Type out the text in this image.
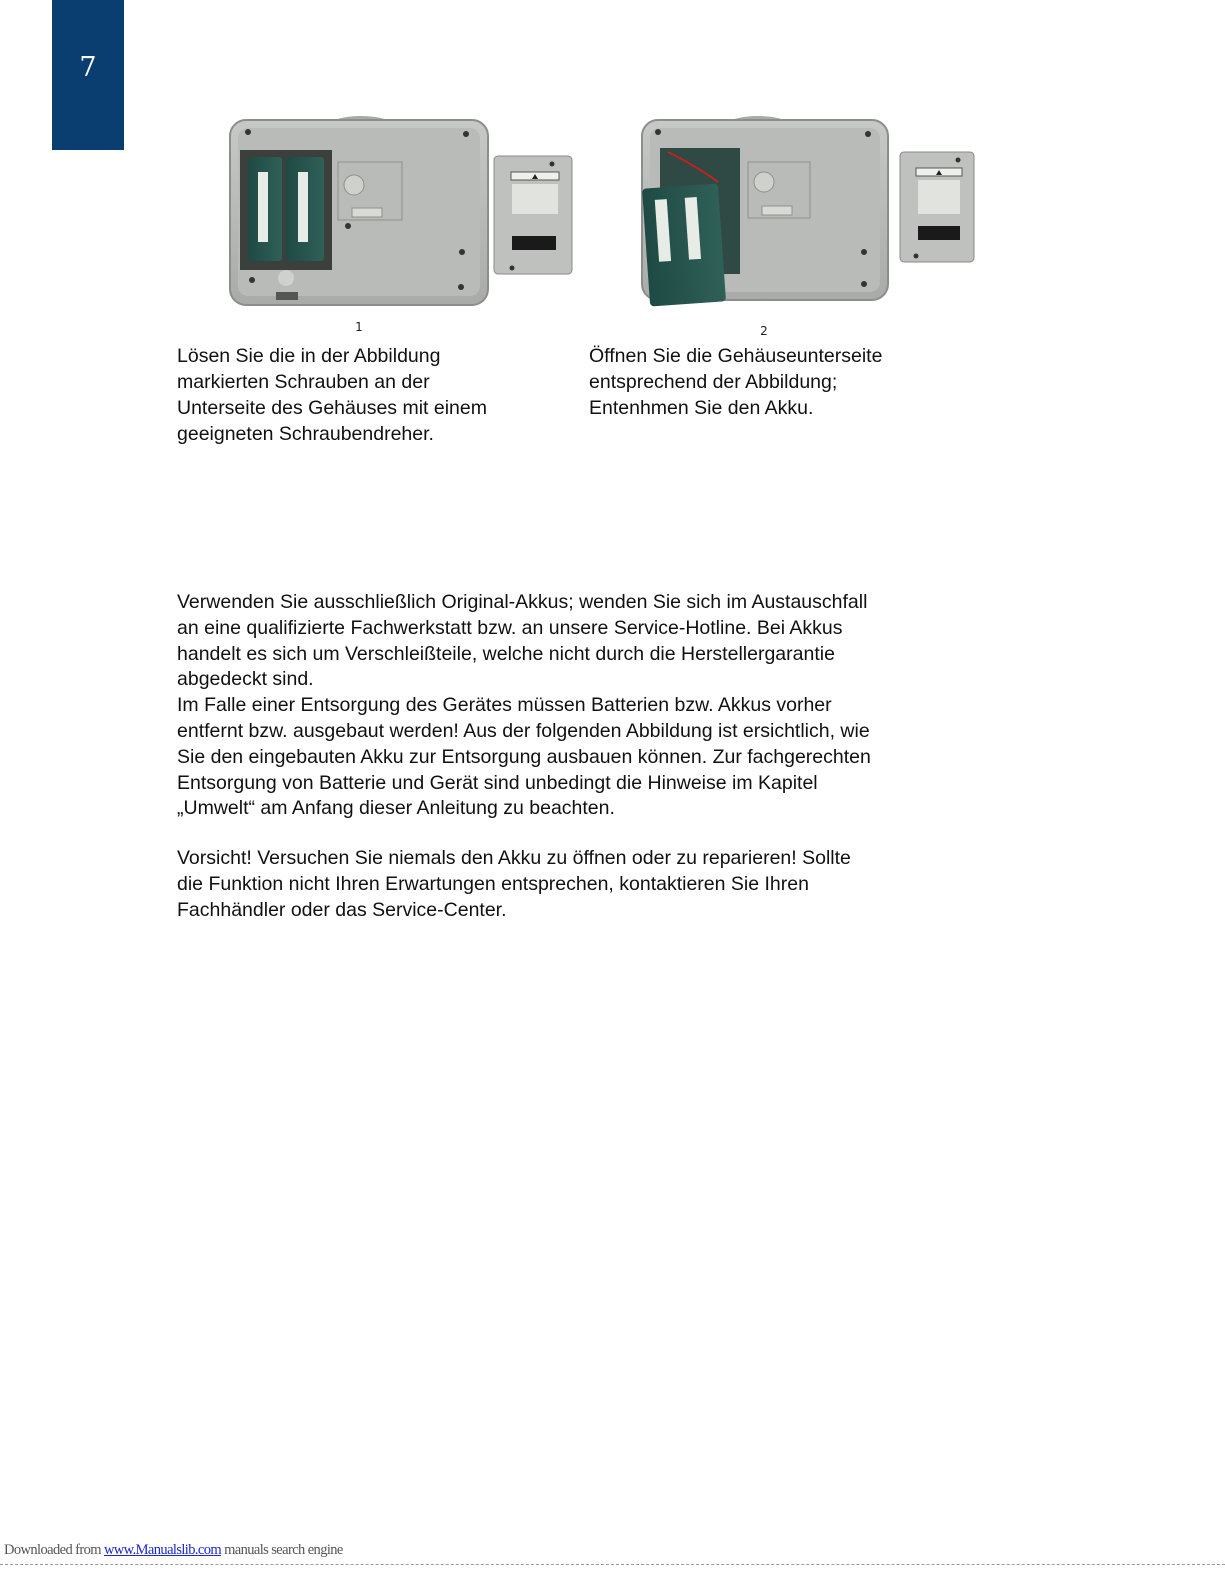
7
1	2
Lösen Sie die in der Abbildung
markierten Schrauben an der
Unterseite des Gehäuses mit einem
geeigneten Schraubendreher.
Öffnen Sie die Gehäuseunterseite
entsprechend der Abbildung;
Entenhmen Sie den Akku.
Verwenden Sie ausschließlich Original-Akkus; wenden Sie sich im Austauschfall
an eine qualifizierte Fachwerkstatt bzw. an unsere Service-Hotline. Bei Akkus
handelt es sich um Verschleißteile, welche nicht durch die Herstellergarantie
abgedeckt sind.
Im Falle einer Entsorgung des Gerätes müssen Batterien bzw. Akkus vorher
entfernt bzw. ausgebaut werden! Aus der folgenden Abbildung ist ersichtlich, wie
Sie den eingebauten Akku zur Entsorgung ausbauen können. Zur fachgerechten
Entsorgung von Batterie und Gerät sind unbedingt die Hinweise im Kapitel
„Umwelt“ am Anfang dieser Anleitung zu beachten.
Vorsicht! Versuchen Sie niemals den Akku zu öffnen oder zu reparieren! Sollte
die Funktion nicht Ihren Erwartungen entsprechen, kontaktieren Sie Ihren
Fachhändler oder das Service-Center.
Downloaded from www.Manualslib.com manuals search engine
